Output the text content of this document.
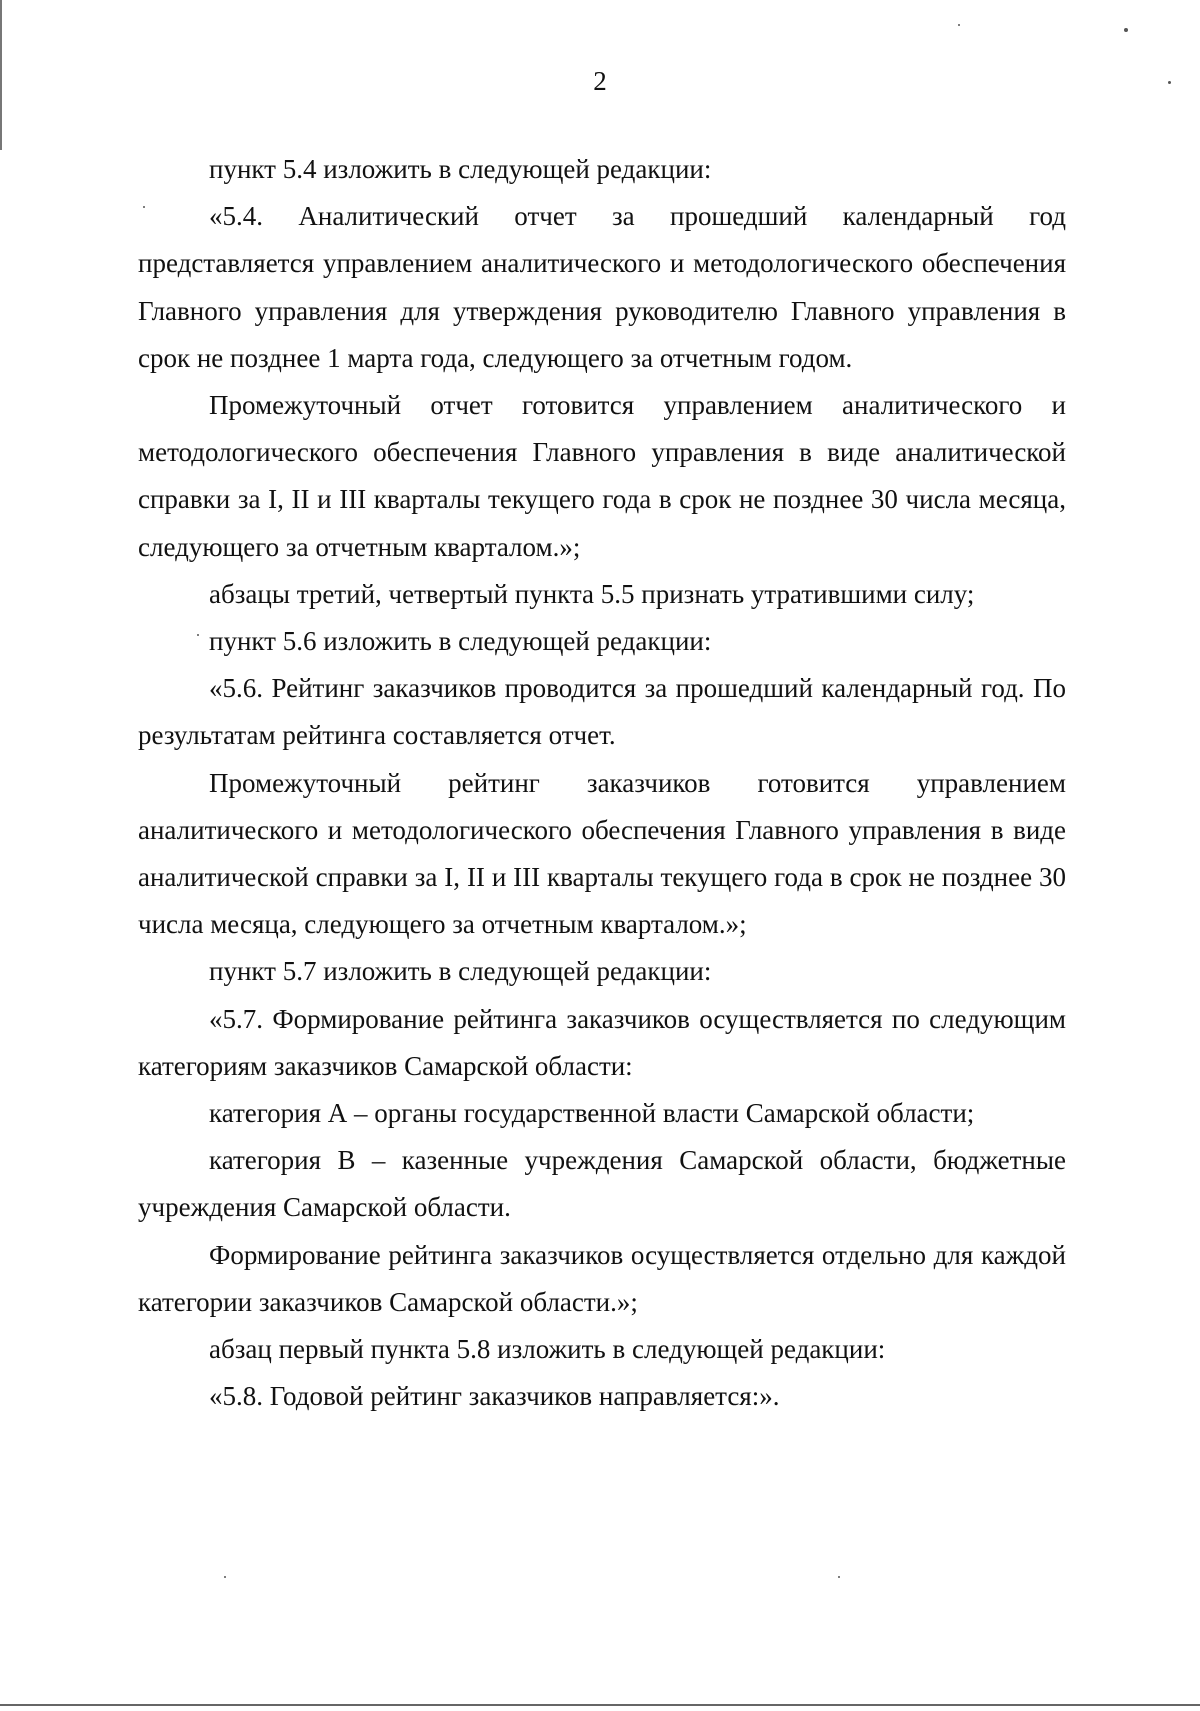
2

пункт 5.4 изложить в следующей редакции:

«5.4. Аналитический отчет за прошедший календарный год представляется управлением аналитического и методологического обеспечения Главного управления для утверждения руководителю Главного управления в срок не позднее 1 марта года, следующего за отчетным годом.

Промежуточный отчет готовится управлением аналитического и методологического обеспечения Главного управления в виде аналитической справки за I, II и III кварталы текущего года в срок не позднее 30 числа месяца, следующего за отчетным кварталом.»;

абзацы третий, четвертый пункта 5.5 признать утратившими силу;

пункт 5.6 изложить в следующей редакции:

«5.6. Рейтинг заказчиков проводится за прошедший календарный год. По результатам рейтинга составляется отчет.

Промежуточный рейтинг заказчиков готовится управлением аналитического и методологического обеспечения Главного управления в виде аналитической справки за I, II и III кварталы текущего года в срок не позднее 30 числа месяца, следующего за отчетным кварталом.»;

пункт 5.7 изложить в следующей редакции:

«5.7. Формирование рейтинга заказчиков осуществляется по следующим категориям заказчиков Самарской области:

категория А – органы государственной власти Самарской области;

категория В – казенные учреждения Самарской области, бюджетные учреждения Самарской области.

Формирование рейтинга заказчиков осуществляется отдельно для каждой категории заказчиков Самарской области.»;

абзац первый пункта 5.8 изложить в следующей редакции:

«5.8. Годовой рейтинг заказчиков направляется:».
